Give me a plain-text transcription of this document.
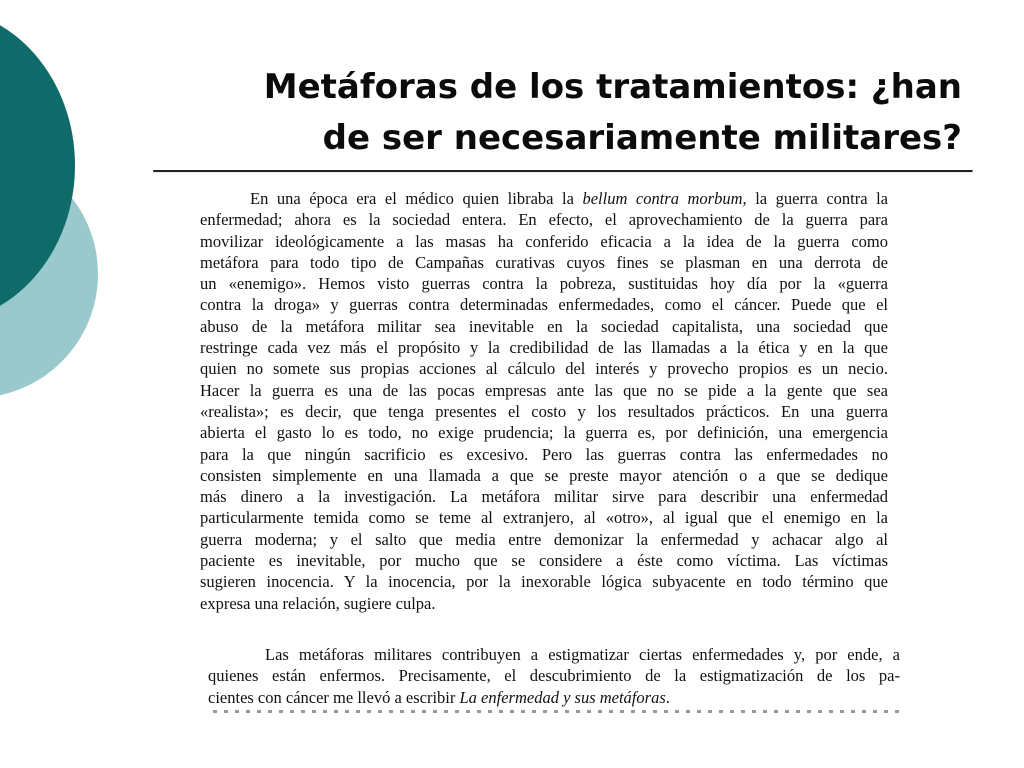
Metáforas de los tratamientos: ¿han
de ser necesariamente militares?

En una época era el médico quien libraba la bellum contra morbum, la guerra contra la
enfermedad; ahora es la sociedad entera. En efecto, el aprovechamiento de la guerra para
movilizar ideológicamente a las masas ha conferido eficacia a la idea de la guerra como
metáfora para todo tipo de Campañas curativas cuyos fines se plasman en una derrota de
un «enemigo». Hemos visto guerras contra la pobreza, sustituidas hoy día por la «guerra
contra la droga» y guerras contra determinadas enfermedades, como el cáncer. Puede que el
abuso de la metáfora militar sea inevitable en la sociedad capitalista, una sociedad que
restringe cada vez más el propósito y la credibilidad de las llamadas a la ética y en la que
quien no somete sus propias acciones al cálculo del interés y provecho propios es un necio.
Hacer la guerra es una de las pocas empresas ante las que no se pide a la gente que sea
«realista»; es decir, que tenga presentes el costo y los resultados prácticos. En una guerra
abierta el gasto lo es todo, no exige prudencia; la guerra es, por definición, una emergencia
para la que ningún sacrificio es excesivo. Pero las guerras contra las enfermedades no
consisten simplemente en una llamada a que se preste mayor atención o a que se dedique
más dinero a la investigación. La metáfora militar sirve para describir una enfermedad
particularmente temida como se teme al extranjero, al «otro», al igual que el enemigo en la
guerra moderna; y el salto que media entre demonizar la enfermedad y achacar algo al
paciente es inevitable, por mucho que se considere a éste como víctima. Las víctimas
sugieren inocencia. Y la inocencia, por la inexorable lógica subyacente en todo término que
expresa una relación, sugiere culpa.

Las metáforas militares contribuyen a estigmatizar ciertas enfermedades y, por ende, a
quienes están enfermos. Precisamente, el descubrimiento de la estigmatización de los pa-
cientes con cáncer me llevó a escribir La enfermedad y sus metáforas.
